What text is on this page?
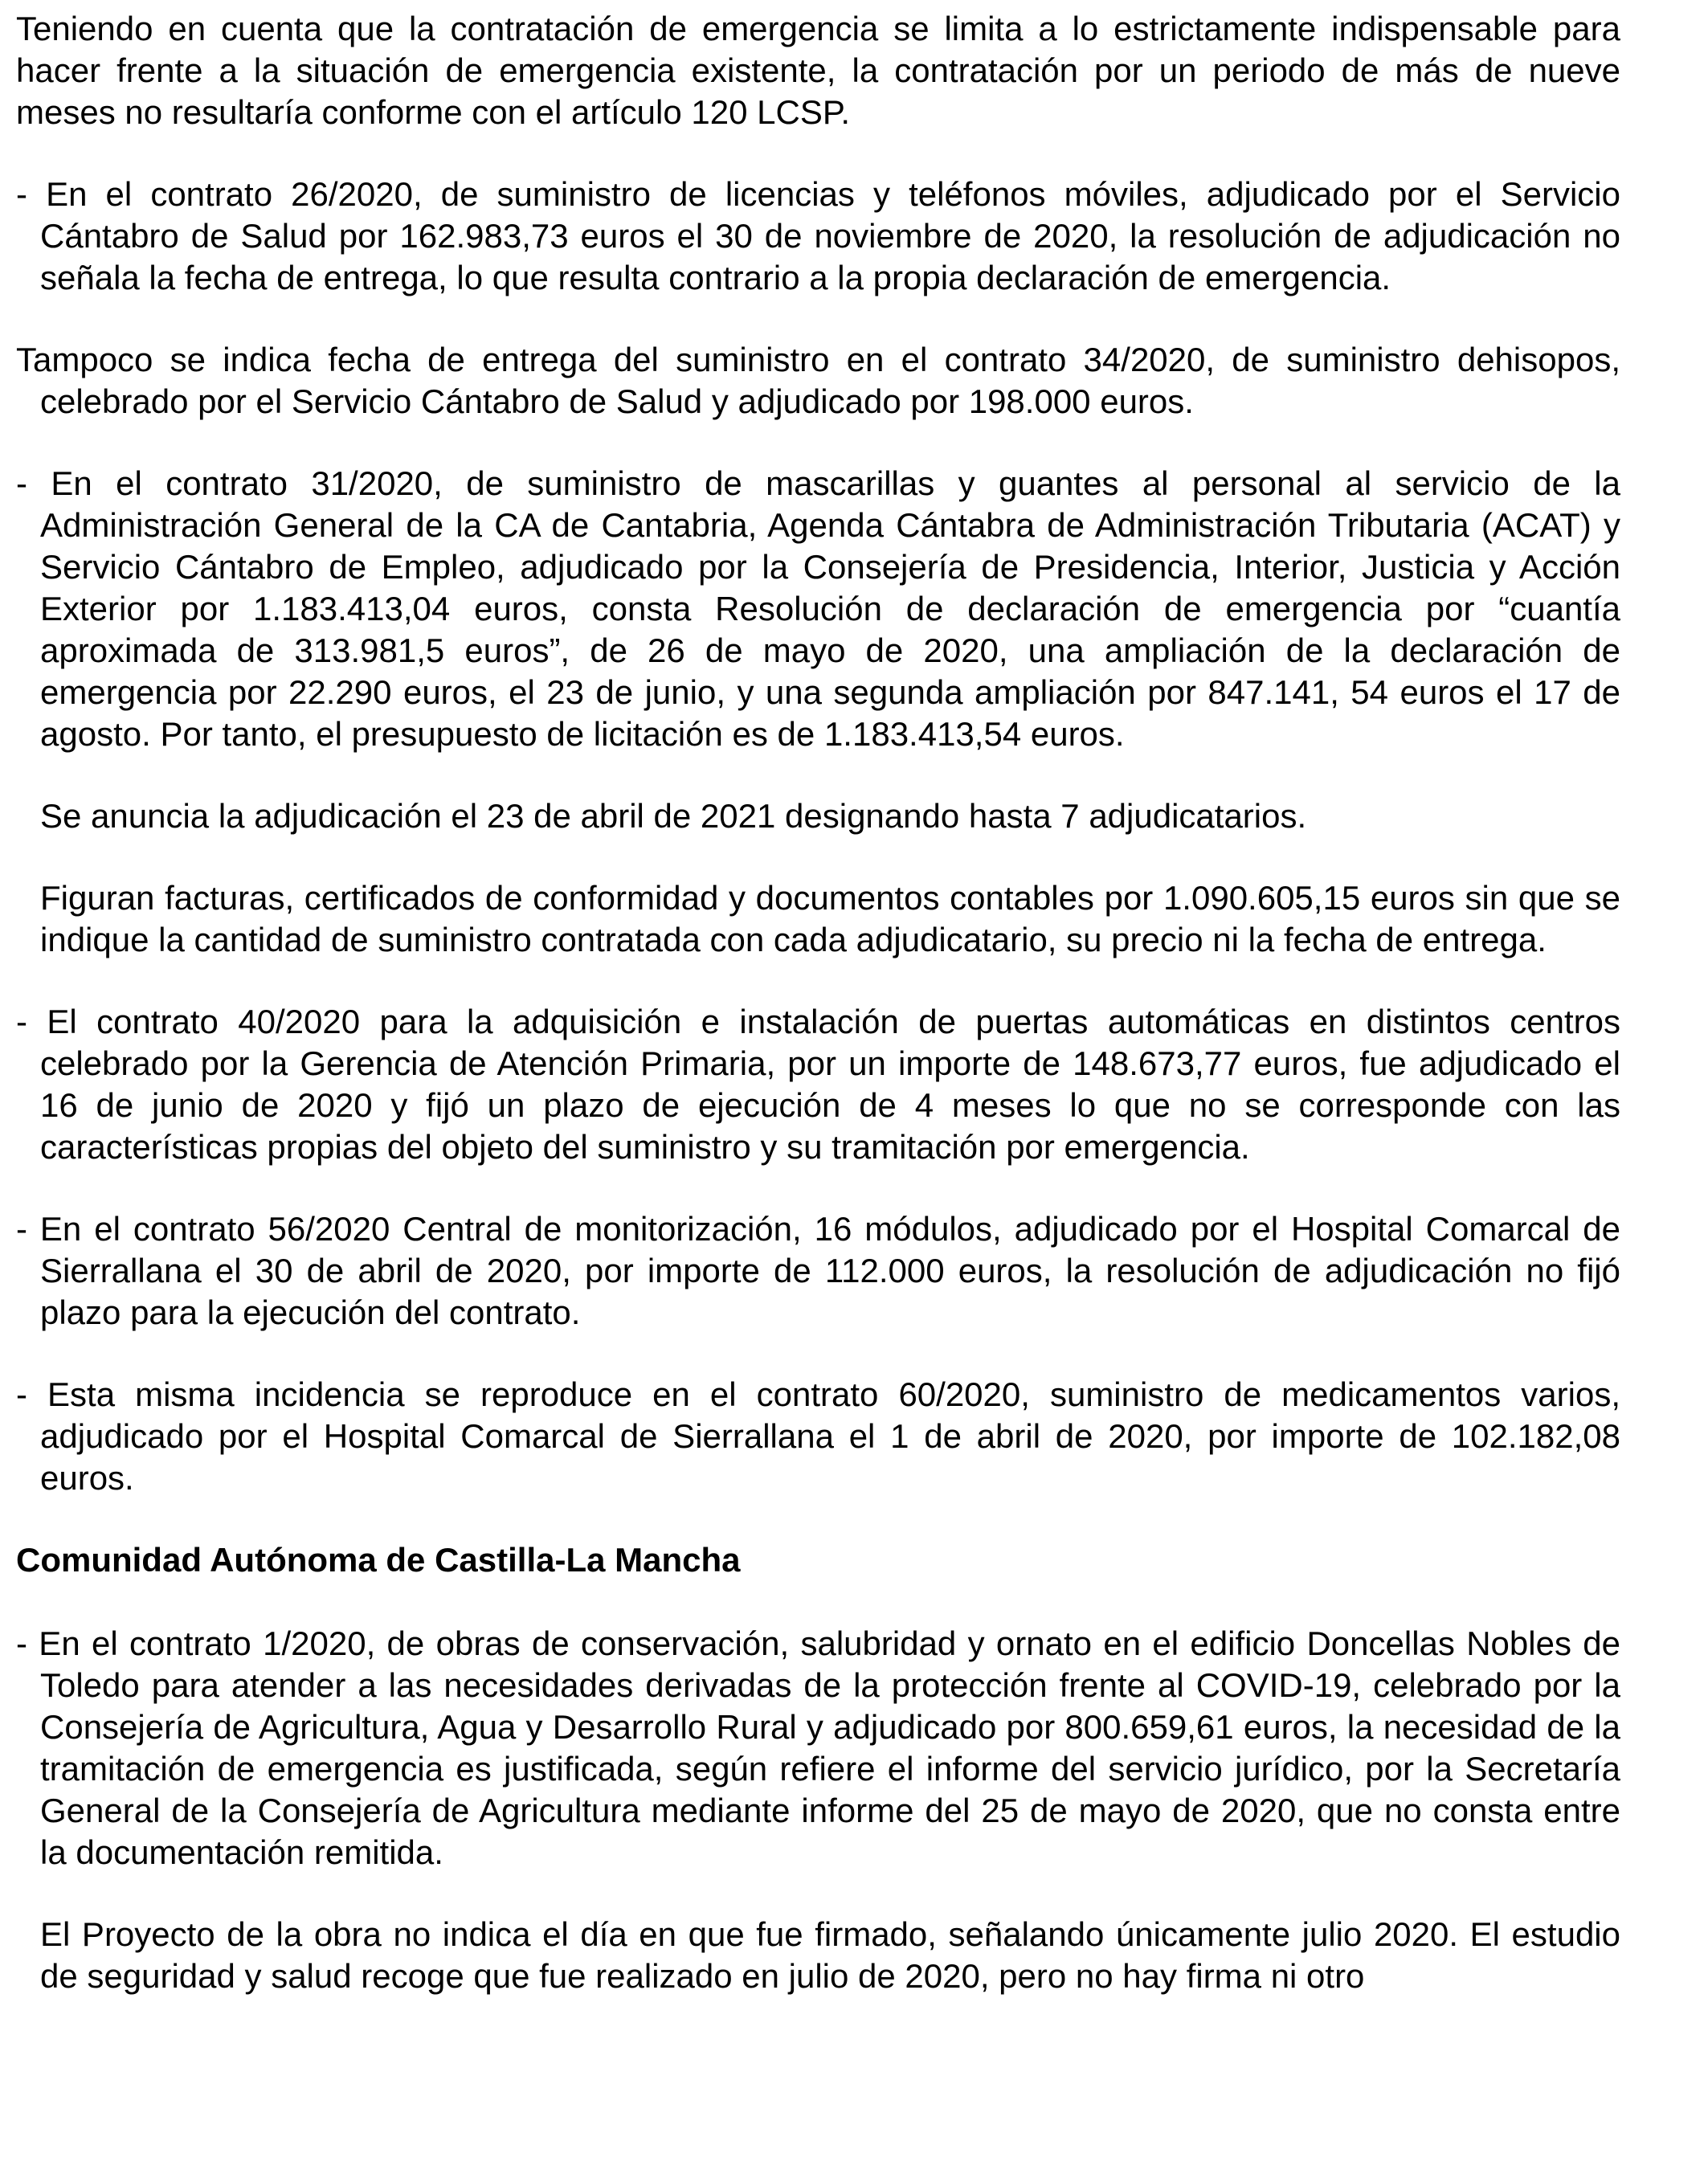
Teniendo en cuenta que la contratación de emergencia se limita a lo estrictamente indispensable para hacer frente a la situación de emergencia existente, la contratación por un periodo de más de nueve meses no resultaría conforme con el artículo 120 LCSP.

- En el contrato 26/2020, de suministro de licencias y teléfonos móviles, adjudicado por el Servicio Cántabro de Salud por 162.983,73 euros el 30 de noviembre de 2020, la resolución de adjudicación no señala la fecha de entrega, lo que resulta contrario a la propia declaración de emergencia.

Tampoco se indica fecha de entrega del suministro en el contrato 34/2020, de suministro dehisopos, celebrado por el Servicio Cántabro de Salud y adjudicado por 198.000 euros.

- En el contrato 31/2020, de suministro de mascarillas y guantes al personal al servicio de la Administración General de la CA de Cantabria, Agenda Cántabra de Administración Tributaria (ACAT) y Servicio Cántabro de Empleo, adjudicado por la Consejería de Presidencia, Interior, Justicia y Acción Exterior por 1.183.413,04 euros, consta Resolución de declaración de emergencia por “cuantía aproximada de 313.981,5 euros”, de 26 de mayo de 2020, una ampliación de la declaración de emergencia por 22.290 euros, el 23 de junio, y una segunda ampliación por 847.141, 54 euros el 17 de agosto. Por tanto, el presupuesto de licitación es de 1.183.413,54 euros.

Se anuncia la adjudicación el 23 de abril de 2021 designando hasta 7 adjudicatarios.

Figuran facturas, certificados de conformidad y documentos contables por 1.090.605,15 euros sin que se indique la cantidad de suministro contratada con cada adjudicatario, su precio ni la fecha de entrega.

- El contrato 40/2020 para la adquisición e instalación de puertas automáticas en distintos centros celebrado por la Gerencia de Atención Primaria, por un importe de 148.673,77 euros, fue adjudicado el 16 de junio de 2020 y fijó un plazo de ejecución de 4 meses lo que no se corresponde con las características propias del objeto del suministro y su tramitación por emergencia.

- En el contrato 56/2020 Central de monitorización, 16 módulos, adjudicado por el Hospital Comarcal de Sierrallana el 30 de abril de 2020, por importe de 112.000 euros, la resolución de adjudicación no fijó plazo para la ejecución del contrato.

- Esta misma incidencia se reproduce en el contrato 60/2020, suministro de medicamentos varios, adjudicado por el Hospital Comarcal de Sierrallana el 1 de abril de 2020, por importe de 102.182,08 euros.

Comunidad Autónoma de Castilla-La Mancha

- En el contrato 1/2020, de obras de conservación, salubridad y ornato en el edificio Doncellas Nobles de Toledo para atender a las necesidades derivadas de la protección frente al COVID-19, celebrado por la Consejería de Agricultura, Agua y Desarrollo Rural y adjudicado por 800.659,61 euros, la necesidad de la tramitación de emergencia es justificada, según refiere el informe del servicio jurídico, por la Secretaría General de la Consejería de Agricultura mediante informe del 25 de mayo de 2020, que no consta entre la documentación remitida.

El Proyecto de la obra no indica el día en que fue firmado, señalando únicamente julio 2020. El estudio de seguridad y salud recoge que fue realizado en julio de 2020, pero no hay firma ni otro
